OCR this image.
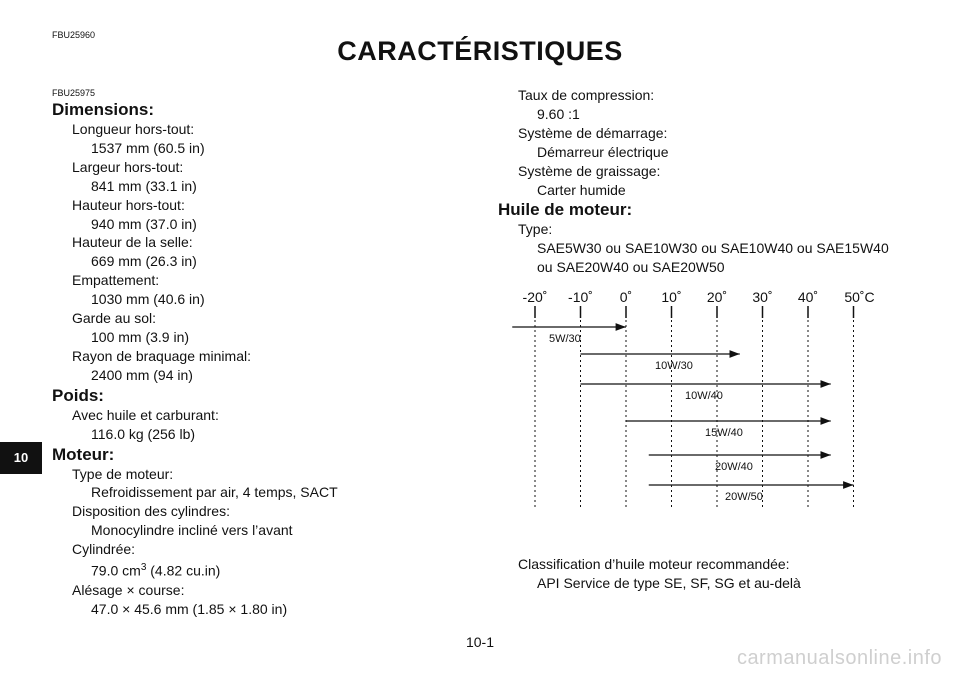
FBU25960
CARACTÉRISTIQUES
10
FBU25975
Dimensions:
Longueur hors-tout:
1537 mm (60.5 in)
Largeur hors-tout:
841 mm (33.1 in)
Hauteur hors-tout:
940 mm (37.0 in)
Hauteur de la selle:
669 mm (26.3 in)
Empattement:
1030 mm (40.6 in)
Garde au sol:
100 mm (3.9 in)
Rayon de braquage minimal:
2400 mm (94 in)
Poids:
Avec huile et carburant:
116.0 kg (256 lb)
Moteur:
Type de moteur:
Refroidissement par air, 4 temps, SACT
Disposition des cylindres:
Monocylindre incliné vers l’avant
Cylindrée:
79.0 $cm^3$ (4.82 cu.in)
Alésage × course:
47.0 × 45.6 mm (1.85 × 1.80 in)
Taux de compression:
9.60 :1
Système de démarrage:
Démarreur électrique
Système de graissage:
Carter humide
Huile de moteur:
Type:
SAE5W30 ou SAE10W30 ou SAE10W40 ou SAE15W40
ou SAE20W40 ou SAE20W50
-20˚ -10˚ 0˚ 10˚ 20˚ 30˚ 40˚ 50˚C
5W/30
10W/30
10W/40
15W/40
20W/40
20W/50
Classification d’huile moteur recommandée:
API Service de type SE, SF, SG et au-delà
10-1
carmanualsonline.info
